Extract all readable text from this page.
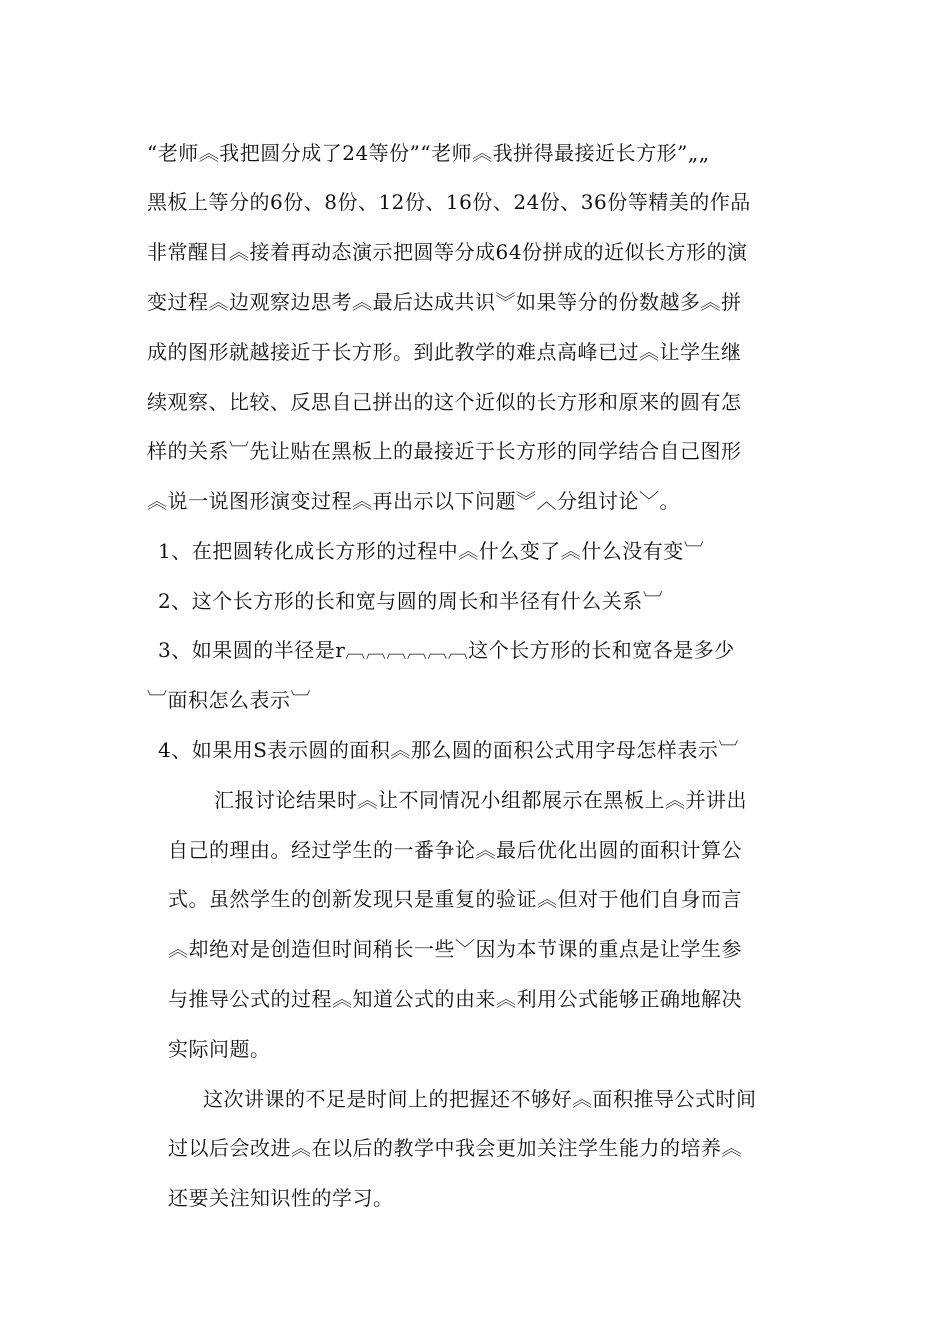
“老师︽我把圆分成了24等份”“老师︽我拼得最接近长方形”„„
黑板上等分的6份、8份、12份、16份、24份、36份等精美的作品
非常醒目︽接着再动态演示把圆等分成64份拼成的近似长方形的演
变过程︽边观察边思考︽最后达成共识︾如果等分的份数越多︽拼
成的图形就越接近于长方形。到此教学的难点高峰已过︽让学生继
续观察、比较、反思自己拼出的这个近似的长方形和原来的圆有怎
样的关系︺先让贴在黑板上的最接近于长方形的同学结合自己图形
︽说一说图形演变过程︽再出示以下问题︾︿分组讨论﹀。
1、在把圆转化成长方形的过程中︽什么变了︽什么没有变︺
2、这个长方形的长和宽与圆的周长和半径有什么关系︺
3、如果圆的半径是r︹︹︹︹︹︹这个长方形的长和宽各是多少
︺面积怎么表示︺
4、如果用S表示圆的面积︽那么圆的面积公式用字母怎样表示︺
汇报讨论结果时︽让不同情况小组都展示在黑板上︽并讲出
自己的理由。经过学生的一番争论︽最后优化出圆的面积计算公
式。虽然学生的创新发现只是重复的验证︽但对于他们自身而言
︽却绝对是创造但时间稍长一些﹀因为本节课的重点是让学生参
与推导公式的过程︽知道公式的由来︽利用公式能够正确地解决
实际问题。
这次讲课的不足是时间上的把握还不够好︽面积推导公式时间
过以后会改进︽在以后的教学中我会更加关注学生能力的培养︽
还要关注知识性的学习。
